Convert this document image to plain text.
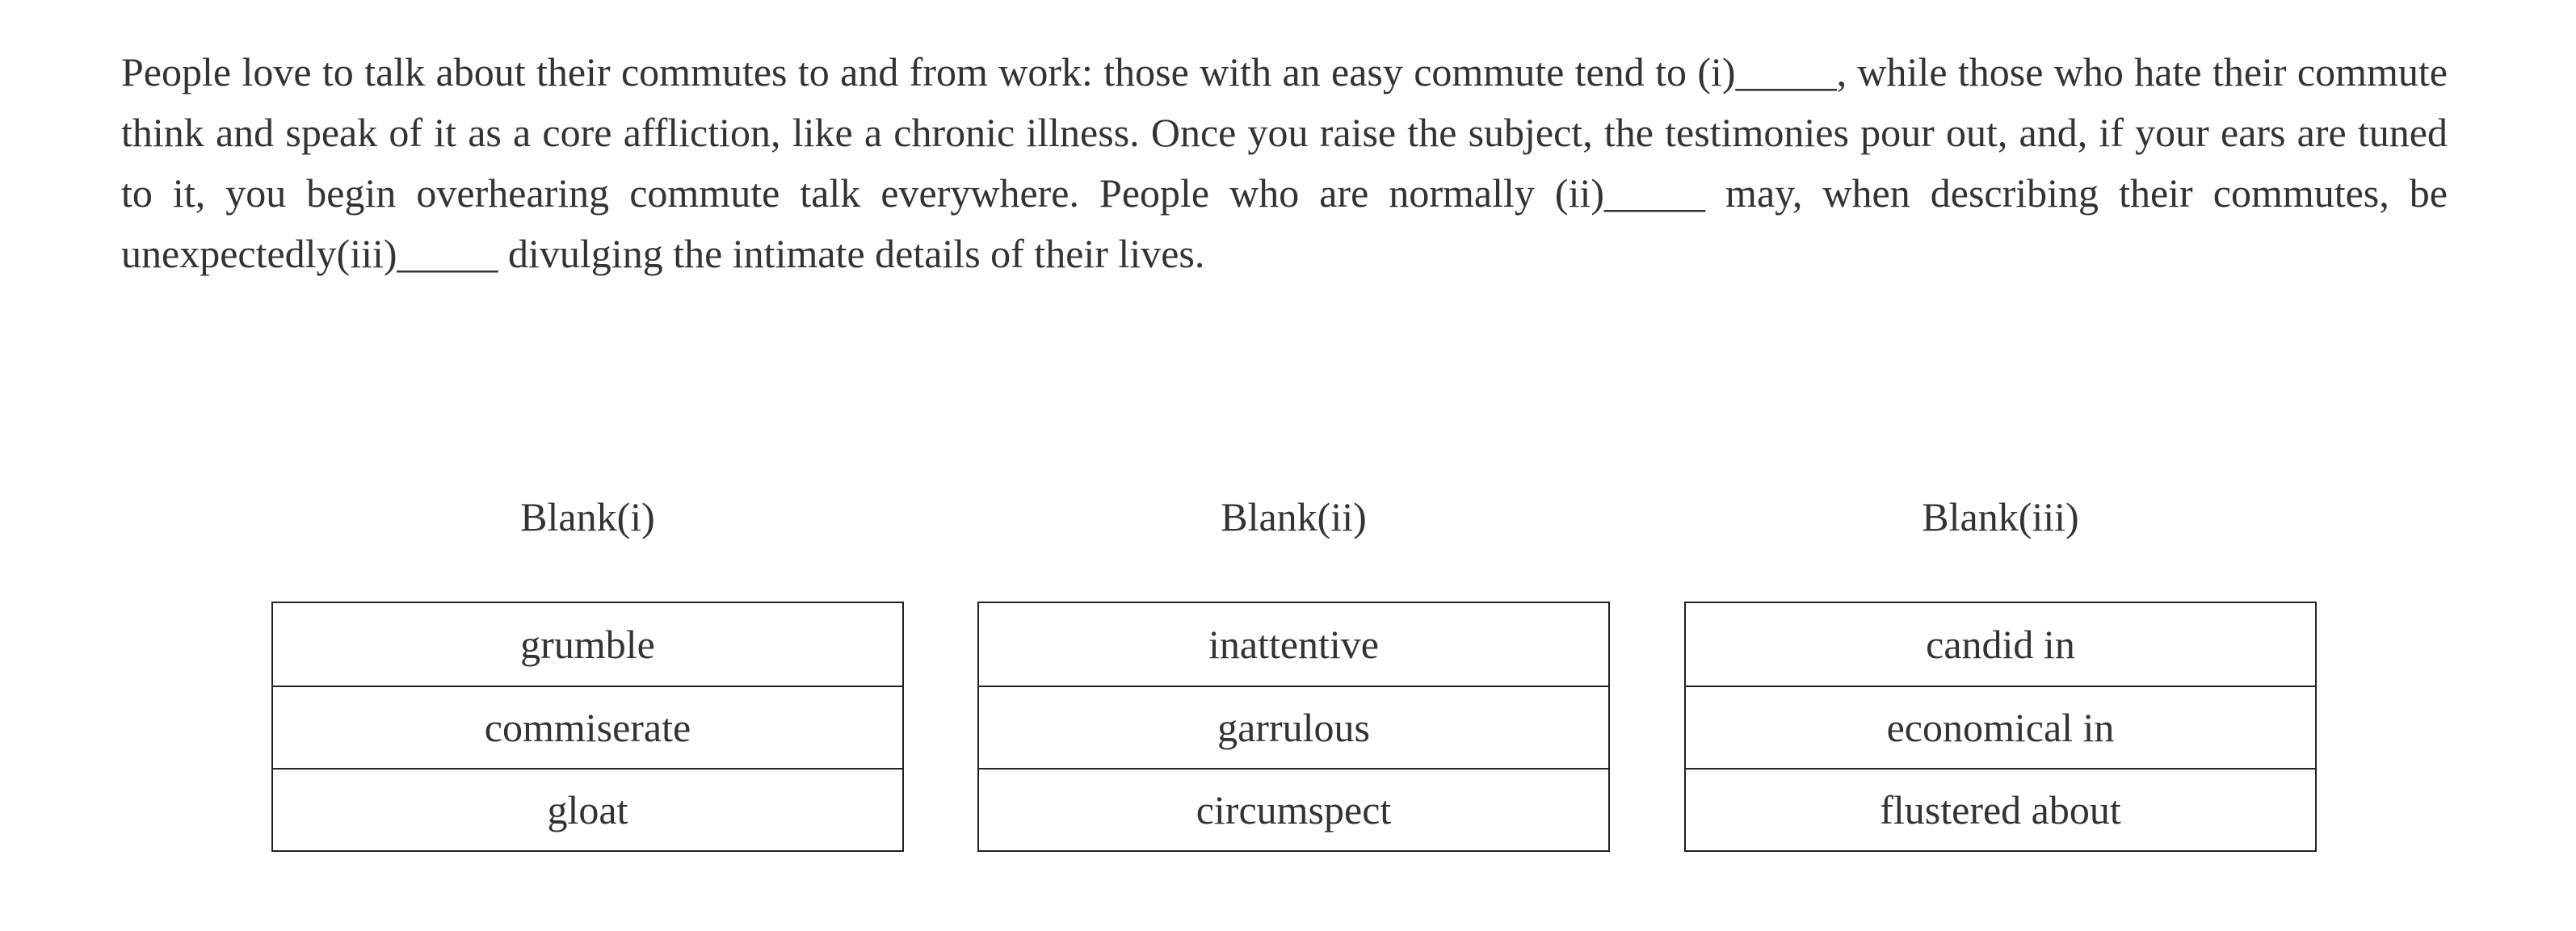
People love to talk about their commutes to and from work: those with an easy commute tend to (i)_____, while those who hate their commute think and speak of it as a core affliction, like a chronic illness. Once you raise the subject, the testimonies pour out, and, if your ears are tuned to it, you begin overhearing commute talk everywhere. People who are normally (ii)_____ may, when describing their commutes, be unexpectedly(iii)_____ divulging the intimate details of their lives.

Blank(i)
grumble
commiserate
gloat
Blank(ii)
inattentive
garrulous
circumspect
Blank(iii)
candid in
economical in
flustered about
